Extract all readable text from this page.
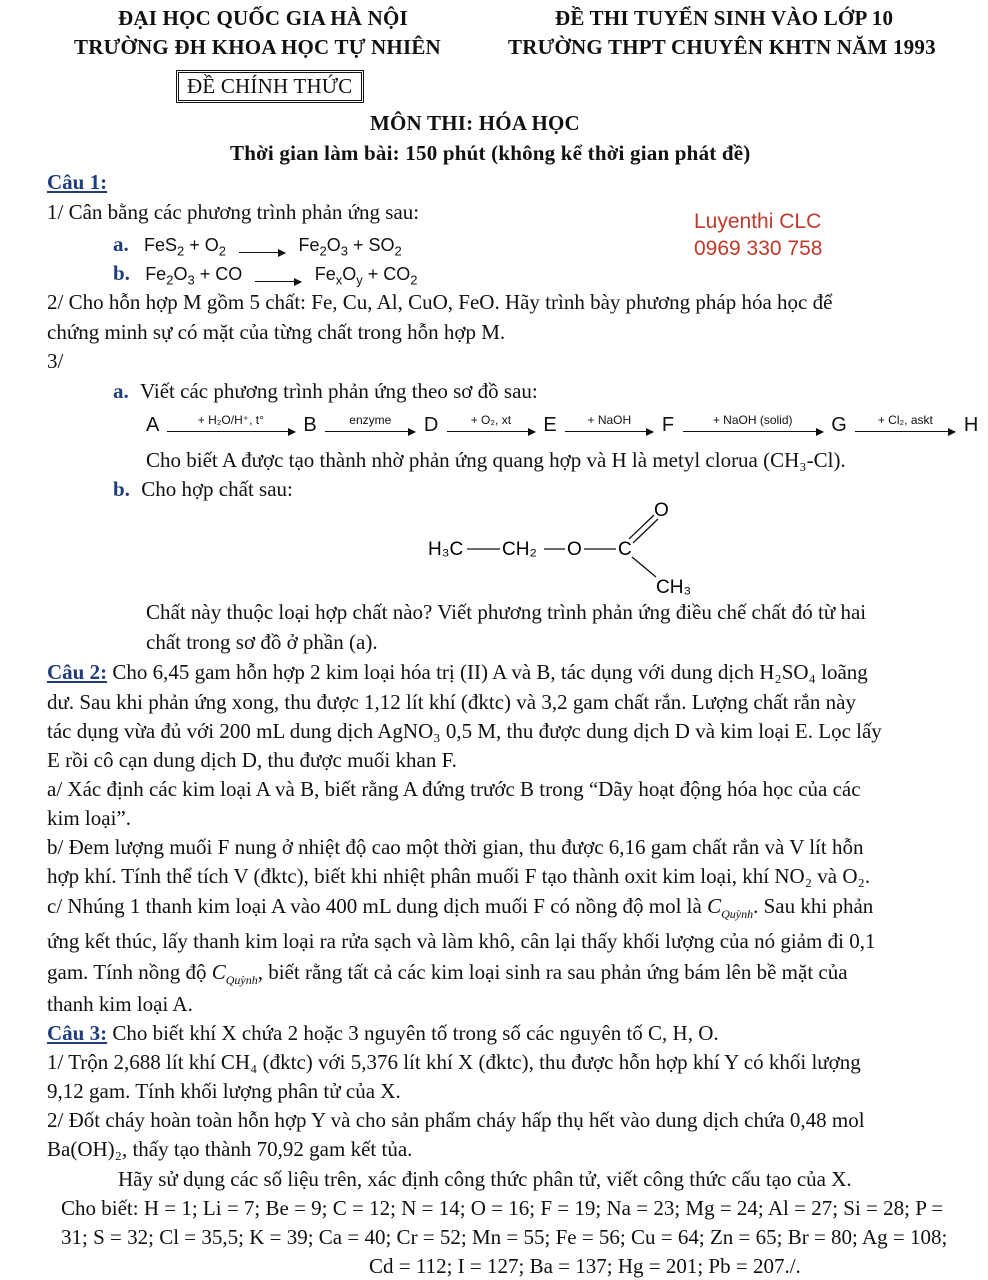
ĐẠI HỌC QUỐC GIA HÀ NỘI
TRƯỜNG ĐH KHOA HỌC TỰ NHIÊN
ĐỀ THI TUYỂN SINH VÀO LỚP 10
TRƯỜNG THPT CHUYÊN KHTN NĂM 1993
ĐỀ CHÍNH THỨC
MÔN THI: HÓA HỌC
Thời gian làm bài: 150 phút (không kể thời gian phát đề)
Luyenthi CLC
0969 330 758
Câu 1:
1/ Cân bằng các phương trình phản ứng sau:
a. $FeS_2 + O_2$	$Fe_2O_3 + SO_2$
b. $Fe_2O_3$ + CO	$Fe_xO_y + CO_2$
2/ Cho hỗn hợp M gồm 5 chất: Fe, Cu, Al, CuO, FeO. Hãy trình bày phương pháp hóa học để
chứng minh sự có mặt của từng chất trong hỗn hợp M.
3/
a. Viết các phương trình phản ứng theo sơ đồ sau:
A	+ H₂O/H⁺, t°	B	enzyme	D	+ O₂, xt	E	+ NaOH	F	+ NaOH (solid)	G	+ Cl₂, askt	H
Cho biết A được tạo thành nhờ phản ứng quang hợp và H là metyl clorua (CH₃-Cl).
b. Cho hợp chất sau:
H₃C CH₂ O C
O
CH₃
Chất này thuộc loại hợp chất nào? Viết phương trình phản ứng điều chế chất đó từ hai
chất trong sơ đồ ở phần (a).
Câu 2: Cho 6,45 gam hỗn hợp 2 kim loại hóa trị (II) A và B, tác dụng với dung dịch H₂SO₄ loãng
dư. Sau khi phản ứng xong, thu được 1,12 lít khí (đktc) và 3,2 gam chất rắn. Lượng chất rắn này
tác dụng vừa đủ với 200 mL dung dịch AgNO₃ 0,5 M, thu được dung dịch D và kim loại E. Lọc lấy
E rồi cô cạn dung dịch D, thu được muối khan F.
a/ Xác định các kim loại A và B, biết rằng A đứng trước B trong “Dãy hoạt động hóa học của các
kim loại”.
b/ Đem lượng muối F nung ở nhiệt độ cao một thời gian, thu được 6,16 gam chất rắn và V lít hỗn
hợp khí. Tính thể tích V (đktc), biết khi nhiệt phân muối F tạo thành oxit kim loại, khí NO₂ và O₂.
c/ Nhúng 1 thanh kim loại A vào 400 mL dung dịch muối F có nồng độ mol là $C_{Quỳnh}$. Sau khi phản
ứng kết thúc, lấy thanh kim loại ra rửa sạch và làm khô, cân lại thấy khối lượng của nó giảm đi 0,1
gam. Tính nồng độ $C_{Quỳnh}$, biết rằng tất cả các kim loại sinh ra sau phản ứng bám lên bề mặt của
thanh kim loại A.
Câu 3: Cho biết khí X chứa 2 hoặc 3 nguyên tố trong số các nguyên tố C, H, O.
1/ Trộn 2,688 lít khí CH₄ (đktc) với 5,376 lít khí X (đktc), thu được hỗn hợp khí Y có khối lượng
9,12 gam. Tính khối lượng phân tử của X.
2/ Đốt cháy hoàn toàn hỗn hợp Y và cho sản phẩm cháy hấp thụ hết vào dung dịch chứa 0,48 mol
Ba(OH)₂, thấy tạo thành 70,92 gam kết tủa.
Hãy sử dụng các số liệu trên, xác định công thức phân tử, viết công thức cấu tạo của X.
Cho biết: H = 1; Li = 7; Be = 9; C = 12; N = 14; O = 16; F = 19; Na = 23; Mg = 24; Al = 27; Si = 28; P =
31; S = 32; Cl = 35,5; K = 39; Ca = 40; Cr = 52; Mn = 55; Fe = 56; Cu = 64; Zn = 65; Br = 80; Ag = 108;
Cd = 112; I = 127; Ba = 137; Hg = 201; Pb = 207./.
